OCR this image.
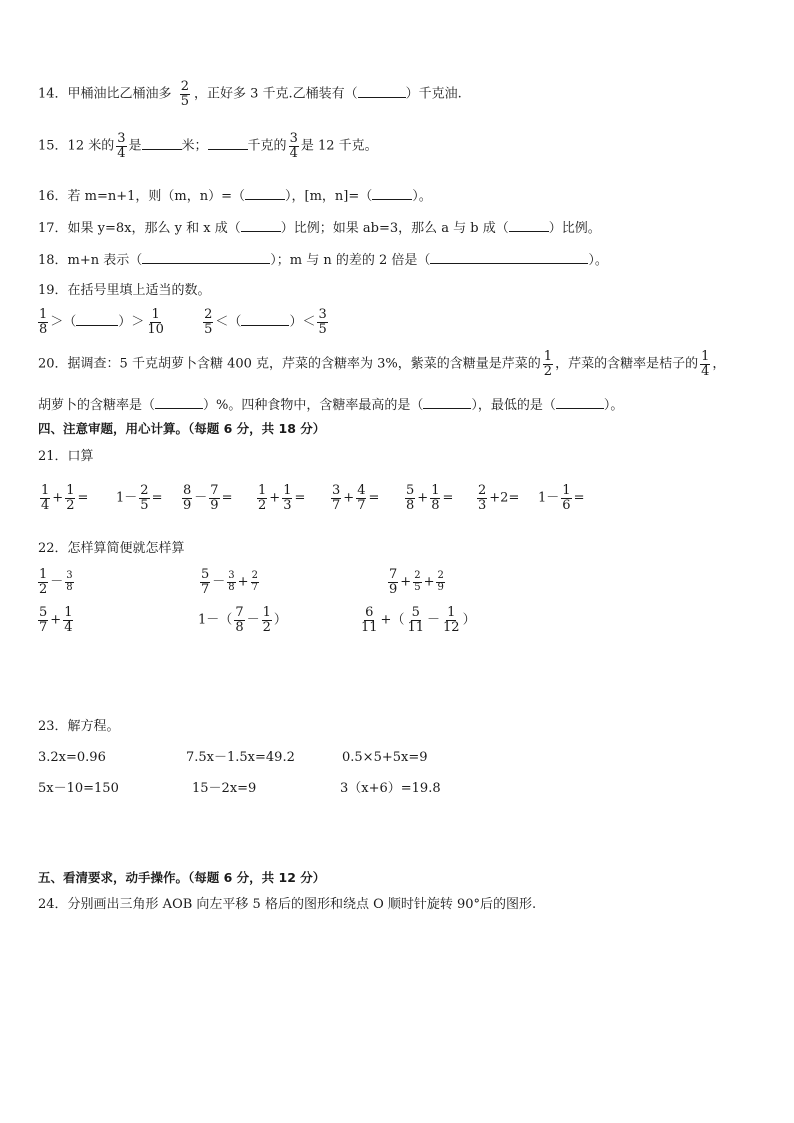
14．甲桶油比乙桶油多 $\frac{2}{5}$ ，正好多 3 千克.乙桶装有（	）千克油.
15．12 米的 $\frac{3}{4}$ 是	米；	千克的 $\frac{3}{4}$ 是 12 千克。
16．若 m=n+1，则（m，n）=（	），[m，n]=（	）。
17．如果 y=8x，那么 y 和 x 成（	）比例；如果 ab=3，那么 a 与 b 成（	）比例。
18．m+n 表示（	）；m 与 n 的差的 2 倍是（	）。
19．在括号里填上适当的数。
$\frac{1}{8}$ ＞（	）＞ $\frac{1}{10}$
	$\frac{2}{5}$ ＜（	）＜ $\frac{3}{5}$
20．据调查：5 千克胡萝卜含糖 400 克，芹菜的含糖率为 3%，紫菜的含糖量是芹菜的 $\frac{1}{2}$ ，芹菜的含糖率是桔子的 $\frac{1}{4}$ ，
胡萝卜的含糖率是（	）%。四种食物中，含糖率最高的是（	），最低的是（	）。
四、注意审题，用心计算。（每题 6 分，共 18 分）
21．口算
$\frac{1}{4} + \frac{1}{2} = 1- \frac{2}{5} = \frac{8}{9} - \frac{7}{9} = \frac{1}{2} + \frac{1}{3} = \frac{3}{7} + \frac{4}{7} = \frac{5}{8} + \frac{1}{8} = \frac{2}{3} +2= 1- \frac{1}{6}$ =
22．怎样算简便就怎样算
$\frac{1}{2} - \frac{3}{8}$	$\frac{5}{7} - \frac{3}{8} + \frac{2}{7}$	$\frac{7}{9} + \frac{2}{5} + \frac{2}{9}$
$\frac{5}{7} + \frac{1}{4}$	$1-( \frac{7}{8} - \frac{1}{2}$ ）	$\frac{6}{11}$ +（ $\frac{5}{11} - \frac{1}{12}$ ）
23．解方程。
3.2x=0.96	7.5x－1.5x=49.2	0.5×5+5x=9
5x－10=150	15－2x=9	3（x+6）=19.8
五、看清要求，动手操作。（每题 6 分，共 12 分）
24．分别画出三角形 AOB 向左平移 5 格后的图形和绕点 O 顺时针旋转 90°后的图形.
